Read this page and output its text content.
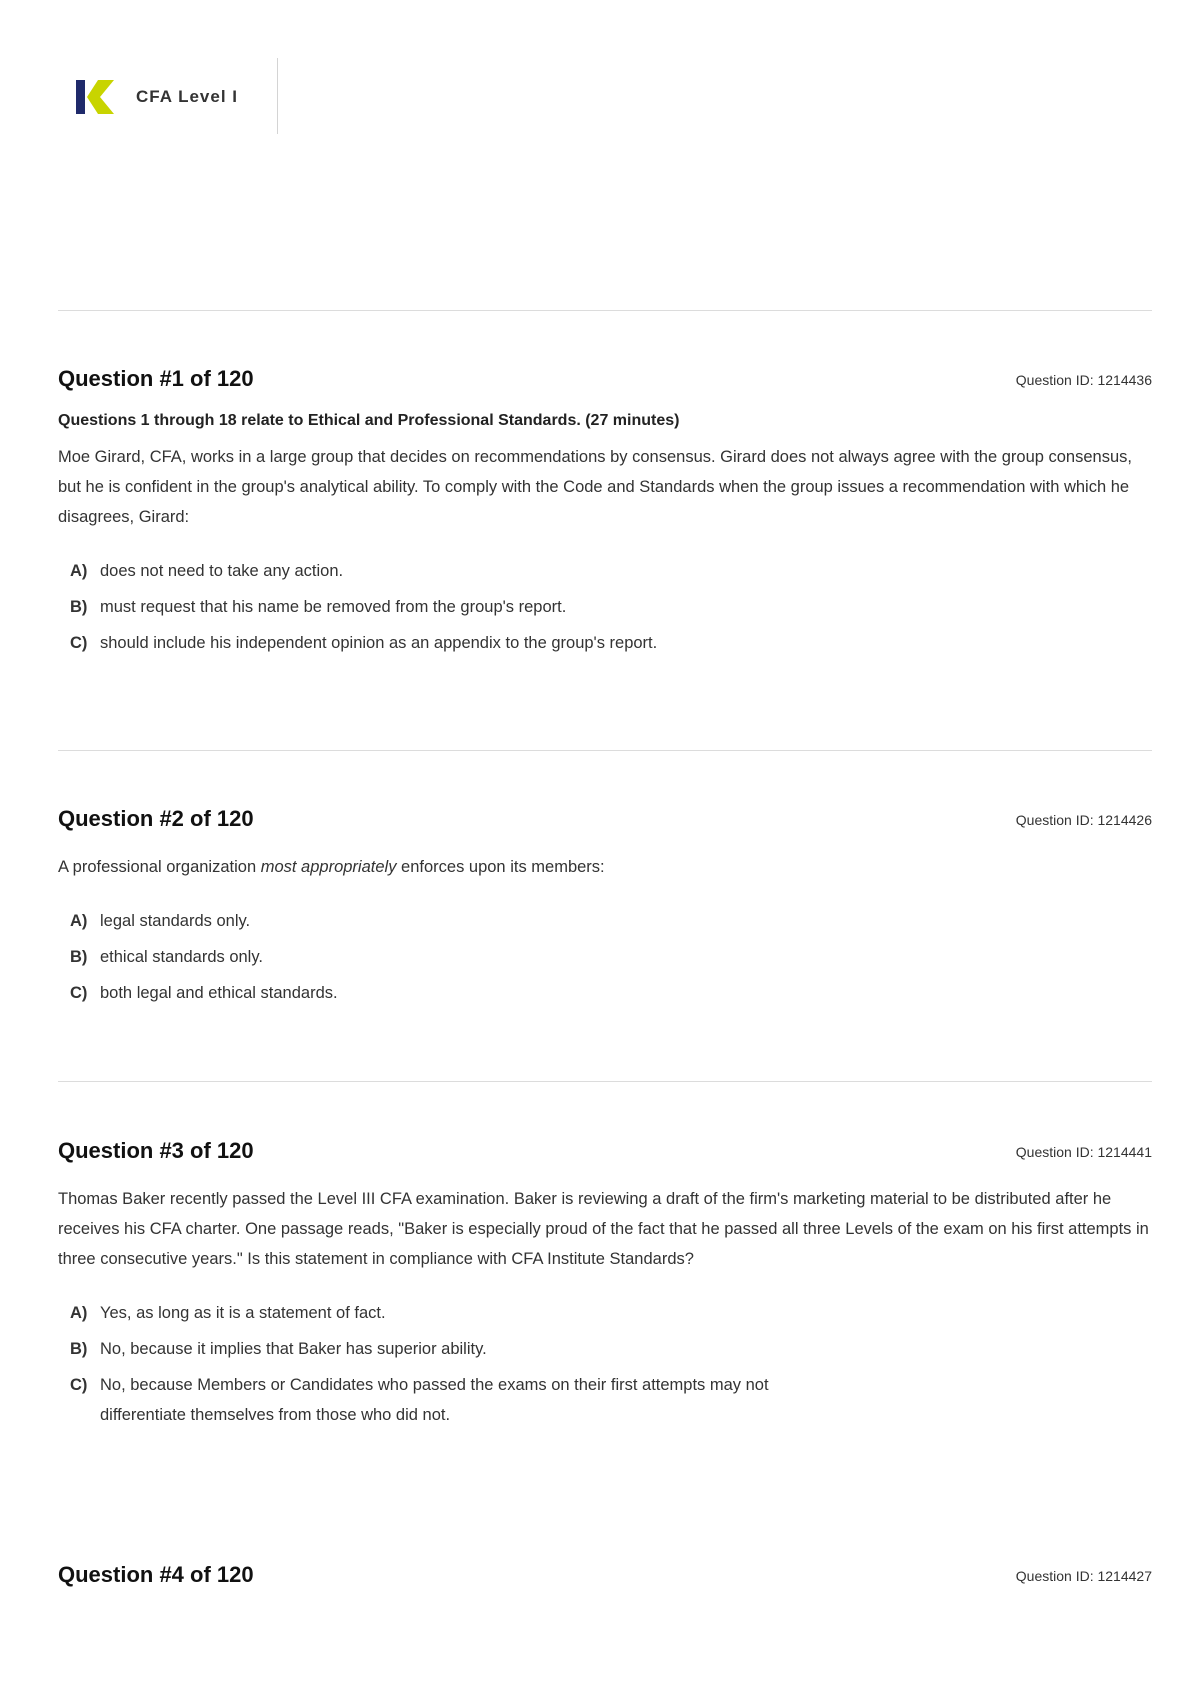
CFA Level I
Question #1 of 120	Question ID: 1214436
Questions 1 through 18 relate to Ethical and Professional Standards. (27 minutes)
Moe Girard, CFA, works in a large group that decides on recommendations by consensus. Girard does not always agree with the group consensus, but he is confident in the group's analytical ability. To comply with the Code and Standards when the group issues a recommendation with which he disagrees, Girard:
A) does not need to take any action.
B) must request that his name be removed from the group's report.
C) should include his independent opinion as an appendix to the group's report.
Question #2 of 120	Question ID: 1214426
A professional organization most appropriately enforces upon its members:
A) legal standards only.
B) ethical standards only.
C) both legal and ethical standards.
Question #3 of 120	Question ID: 1214441
Thomas Baker recently passed the Level III CFA examination. Baker is reviewing a draft of the firm's marketing material to be distributed after he receives his CFA charter. One passage reads, "Baker is especially proud of the fact that he passed all three Levels of the exam on his first attempts in three consecutive years." Is this statement in compliance with CFA Institute Standards?
A) Yes, as long as it is a statement of fact.
B) No, because it implies that Baker has superior ability.
C) No, because Members or Candidates who passed the exams on their first attempts may not differentiate themselves from those who did not.
Question #4 of 120	Question ID: 1214427
